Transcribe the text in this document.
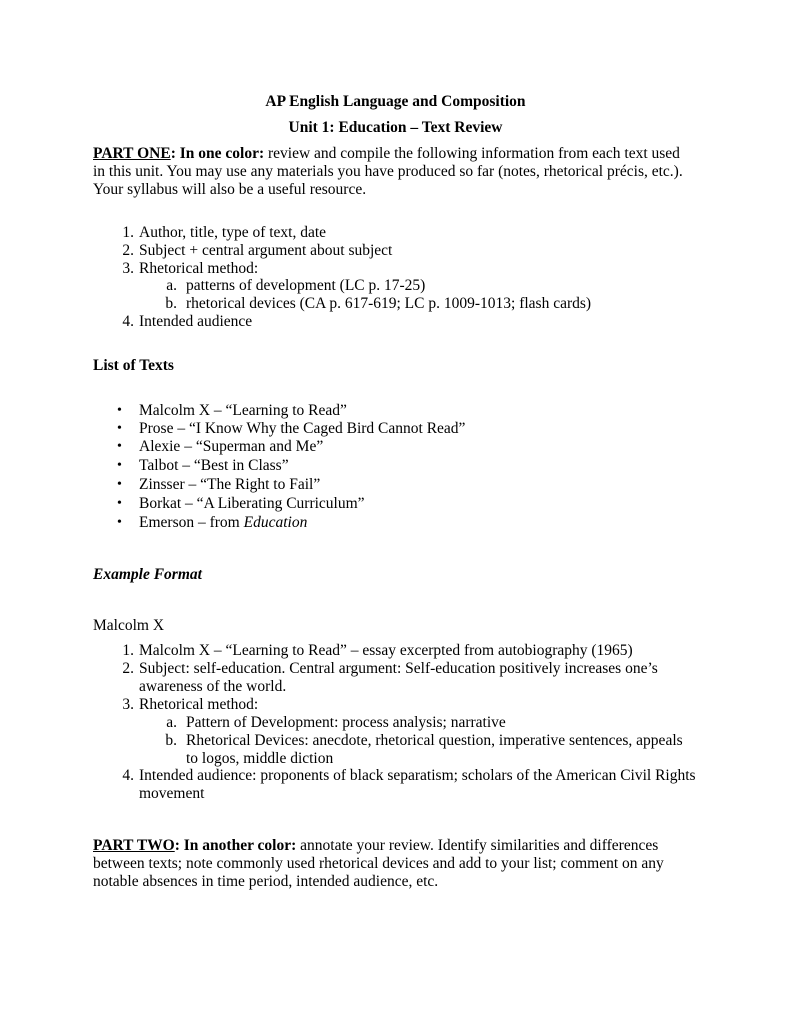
AP English Language and Composition

Unit 1: Education – Text Review

PART ONE: In one color: review and compile the following information from each text used

in this unit. You may use any materials you have produced so far (notes, rhetorical précis, etc.).

Your syllabus will also be a useful resource.

1. Author, title, type of text, date
2. Subject + central argument about subject
3. Rhetorical method:
a. patterns of development (LC p. 17-25)
b. rhetorical devices (CA p. 617-619; LC p. 1009-1013; flash cards)
4. Intended audience

List of Texts

• Malcolm X – “Learning to Read”
• Prose – “I Know Why the Caged Bird Cannot Read”
• Alexie – “Superman and Me”
• Talbot – “Best in Class”
• Zinsser – “The Right to Fail”
• Borkat – “A Liberating Curriculum”
• Emerson – from Education

Example Format

Malcolm X

1. Malcolm X – “Learning to Read” – essay excerpted from autobiography (1965)
2. Subject: self-education. Central argument: Self-education positively increases one’s
awareness of the world.
3. Rhetorical method:
a. Pattern of Development: process analysis; narrative
b. Rhetorical Devices: anecdote, rhetorical question, imperative sentences, appeals
to logos, middle diction
4. Intended audience: proponents of black separatism; scholars of the American Civil Rights
movement

PART TWO: In another color: annotate your review. Identify similarities and differences

between texts; note commonly used rhetorical devices and add to your list; comment on any

notable absences in time period, intended audience, etc.
